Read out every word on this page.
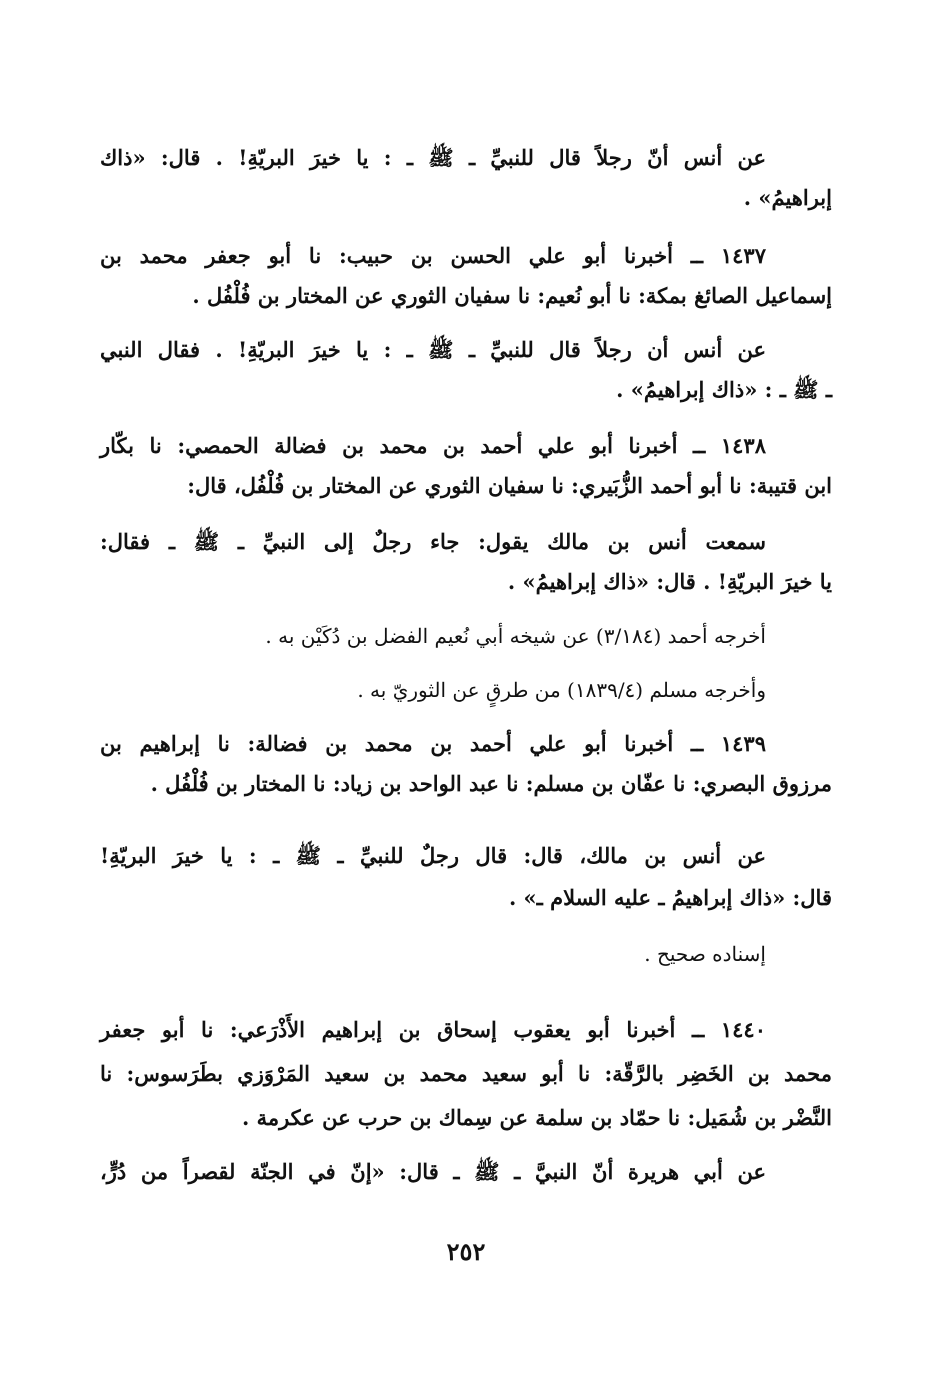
عن أنس أنّ رجلاً قال للنبيِّ ـ ﷺ ـ : يا خيرَ البريّةِ! . قال: «ذاك
إبراهيمُ» .
١٤٣٧ ــ أخبرنا أبو علي الحسن بن حبيب: نا أبو جعفر محمد بن
إسماعيل الصائغ بمكة: نا أبو نُعيم: نا سفيان الثوري عن المختار بن فُلْفُل .
عن أنس أن رجلاً قال للنبيِّ ـ ﷺ ـ : يا خيرَ البريّةِ! . فقال النبي
ـ ﷺ ـ : «ذاك إبراهيمُ» .
١٤٣٨ ــ أخبرنا أبو علي أحمد بن محمد بن فضالة الحمصي: نا بكّار
ابن قتيبة: نا أبو أحمد الزُّبَيري: نا سفيان الثوري عن المختار بن فُلْفُل، قال:
سمعت أنس بن مالك يقول: جاء رجلٌ إلى النبيِّ ـ ﷺ ـ فقال:
يا خيرَ البريّةِ! . قال: «ذاك إبراهيمُ» .
أخرجه أحمد (٣/١٨٤) عن شيخه أبي نُعيم الفضل بن دُكَيْن به .
وأخرجه مسلم (١٨٣٩/٤) من طرقٍ عن الثوريّ به .
١٤٣٩ ــ أخبرنا أبو علي أحمد بن محمد بن فضالة: نا إبراهيم بن
مرزوق البصري: نا عفّان بن مسلم: نا عبد الواحد بن زياد: نا المختار بن فُلْفُل .
عن أنس بن مالك، قال: قال رجلٌ للنبيِّ ـ ﷺ ـ : يا خيرَ البريّةِ!
قال: «ذاك إبراهيمُ ـ عليه السلام ـ» .
إسناده صحيح .
١٤٤٠ ــ أخبرنا أبو يعقوب إسحاق بن إبراهيم الأَذْرَعي: نا أبو جعفر
محمد بن الخَضِر بالرَّقّة: نا أبو سعيد محمد بن سعيد المَرْوَزي بطَرَسوس: نا
النَّضْر بن شُمَيل: نا حمّاد بن سلمة عن سِماك بن حرب عن عكرمة .
عن أبي هريرة أنّ النبيَّ ـ ﷺ ـ قال: «إنّ في الجنّة لقصراً من دُرٍّ،
٢٥٢
